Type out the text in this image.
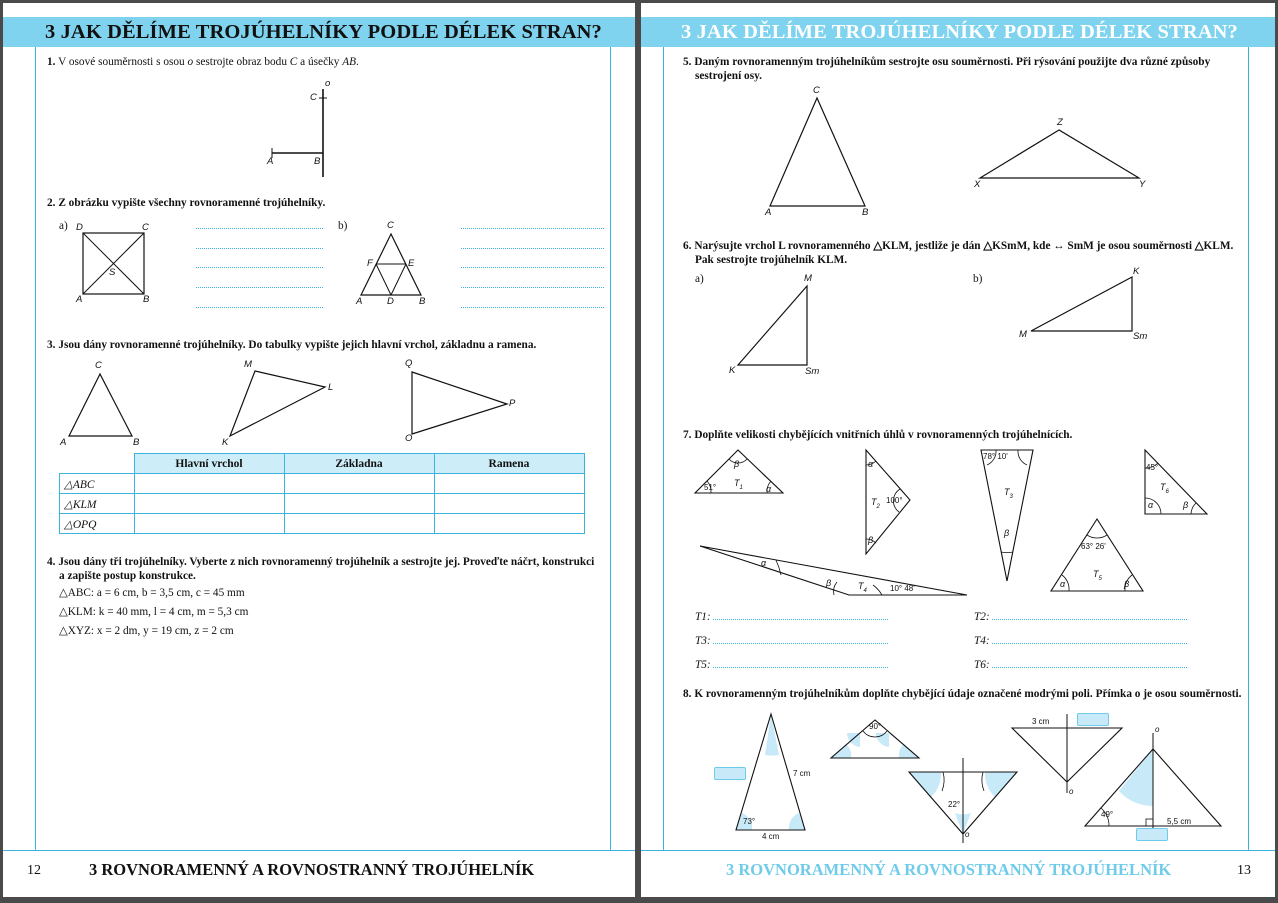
3 JAK DĚLÍME TROJÚHELNÍKY PODLE DÉLEK STRAN?
1. V osové souměrnosti s osou o sestrojte obraz bodu C a úsečky AB.
o
C
A	B
2. Z obrázku vypište všechny rovnoramenné trojúhelníky.
a)	b)
D	C
S
A	B
C
F	E
A	D	B
3. Jsou dány rovnoramenné trojúhelníky. Do tabulky vypište jejich hlavní vrchol, základnu a ramena.
C
A	B
M
L
K
Q
P
O
	Hlavní vrchol	Základna	Ramena
△ABC			
△KLM			
△OPQ			
4. Jsou dány tři trojúhelníky. Vyberte z nich rovnoramenný trojúhelník a sestrojte jej. Proveďte náčrt, konstrukci
a zapište postup konstrukce.
△ABC: a = 6 cm, b = 3,5 cm, c = 45 mm
△KLM: k = 40 mm, l = 4 cm, m = 5,3 cm
△XYZ: x = 2 dm, y = 19 cm, z = 2 cm
12	3 ROVNORAMENNÝ A ROVNOSTRANNÝ TROJÚHELNÍK
3 JAK DĚLÍME TROJÚHELNÍKY PODLE DÉLEK STRAN?
5. Daným rovnoramenným trojúhelníkům sestrojte osu souměrnosti. Při rýsování použijte dva různé způsoby
sestrojení osy.
C
A	B
Z
X	Y
6. Narýsujte vrchol L rovnoramenného △KLM, jestliže je dán △KSmM, kde ↔ SmM je osou souměrnosti △KLM.
Pak sestrojte trojúhelník KLM.
a)	b)
M
K	Sm
K
M	Sm
7. Doplňte velikosti chybějících vnitřních úhlů v rovnoramenných trojúhelnících.
51°
β
α
$T_1$
α
100°
β
$T_2$
78° 10'
$T_3$
β
45°
$T_6$
α	β
α
β	$T_4$	10° 48'
63° 26'
$T_5$
α	β
T1:
T3:
T5:
T2:
T4:
T6:
8. K rovnoramenným trojúhelníkům doplňte chybějící údaje označené modrými poli. Přímka o je osou souměrnosti.
7 cm
73°
4 cm
90°
22°
o
3 cm
o
o
49°
5,5 cm
3 ROVNORAMENNÝ A ROVNOSTRANNÝ TROJÚHELNÍK	13
